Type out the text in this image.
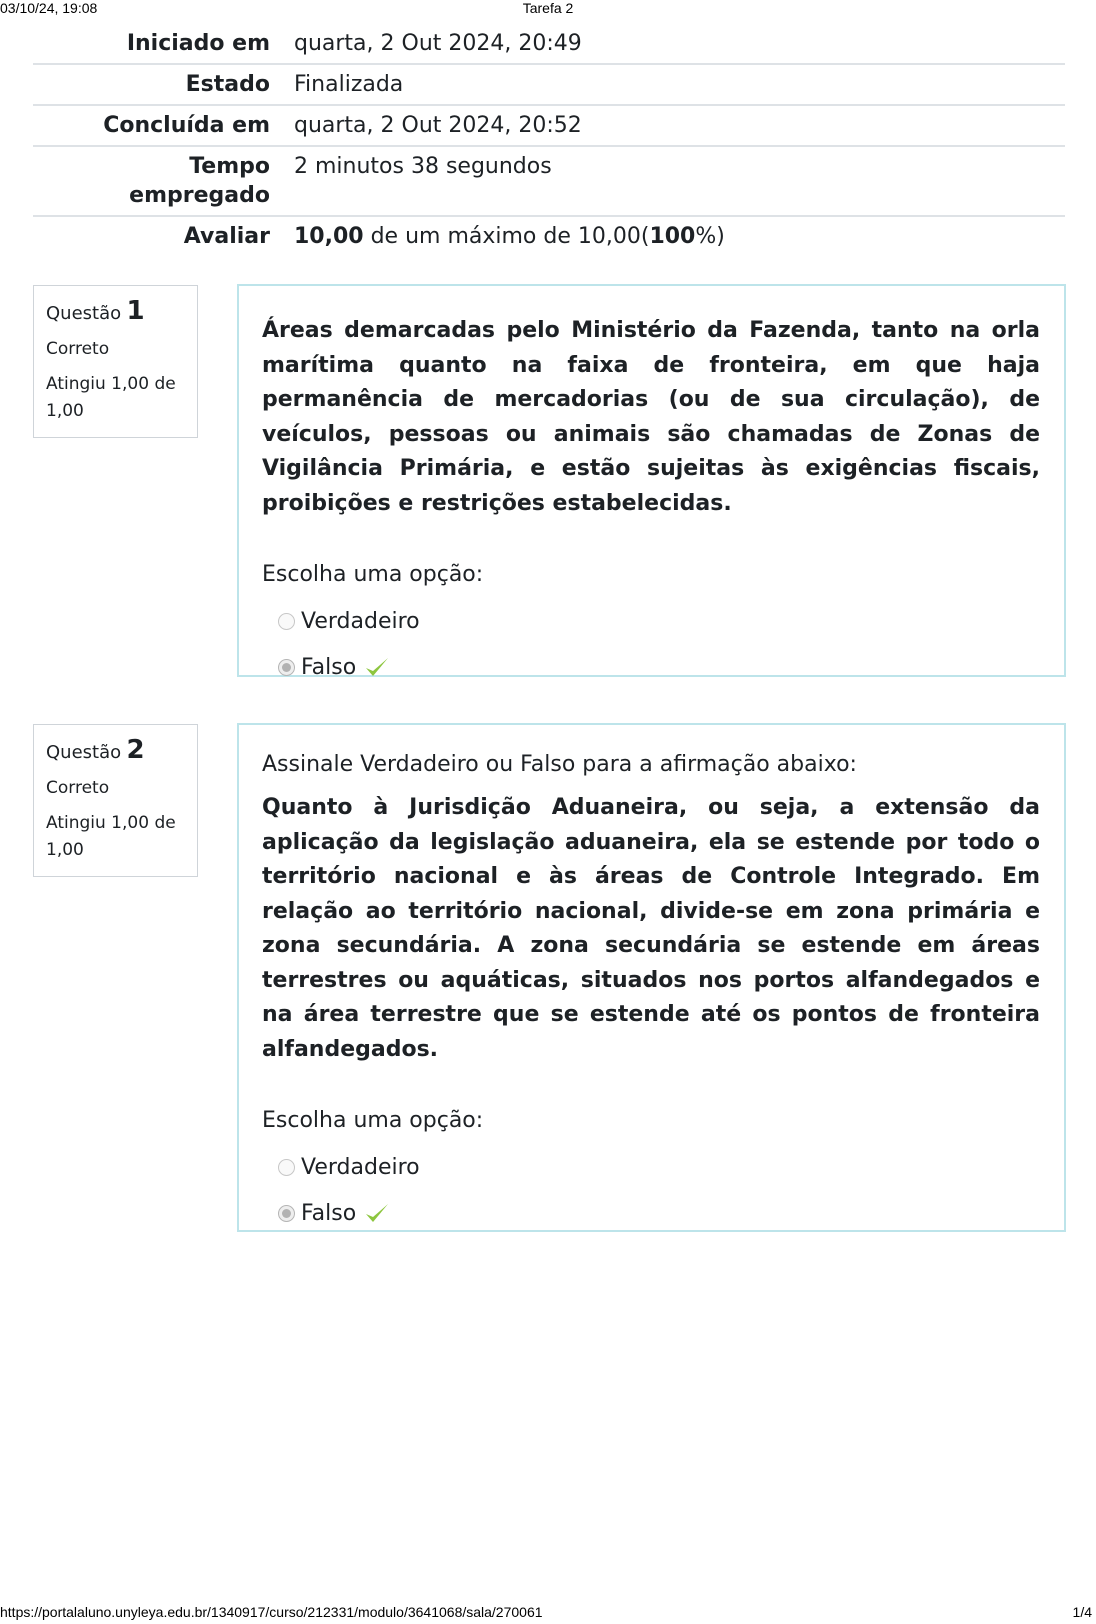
03/10/24, 19:08	Tarefa 2
Iniciado em	quarta, 2 Out 2024, 20:49
Estado	Finalizada
Concluída em	quarta, 2 Out 2024, 20:52
Tempo empregado	2 minutos 38 segundos
Avaliar	10,00 de um máximo de 10,00(100%)
Questão 1
Correto
Atingiu 1,00 de 1,00

Áreas demarcadas pelo Ministério da Fazenda, tanto na orla marítima quanto na faixa de fronteira, em que haja permanência de mercadorias (ou de sua circulação), de veículos, pessoas ou animais são chamadas de Zonas de Vigilância Primária, e estão sujeitas às exigências fiscais, proibições e restrições estabelecidas.

Escolha uma opção:
Verdadeiro
Falso
Questão 2
Correto
Atingiu 1,00 de 1,00

Assinale Verdadeiro ou Falso para a afirmação abaixo:

Quanto à Jurisdição Aduaneira, ou seja, a extensão da aplicação da legislação aduaneira, ela se estende por todo o território nacional e às áreas de Controle Integrado. Em relação ao território nacional, divide-se em zona primária e zona secundária. A zona secundária se estende em áreas terrestres ou aquáticas, situados nos portos alfandegados e na área terrestre que se estende até os pontos de fronteira alfandegados.

Escolha uma opção:
Verdadeiro
Falso
https://portalaluno.unyleya.edu.br/1340917/curso/212331/modulo/3641068/sala/270061	1/4
